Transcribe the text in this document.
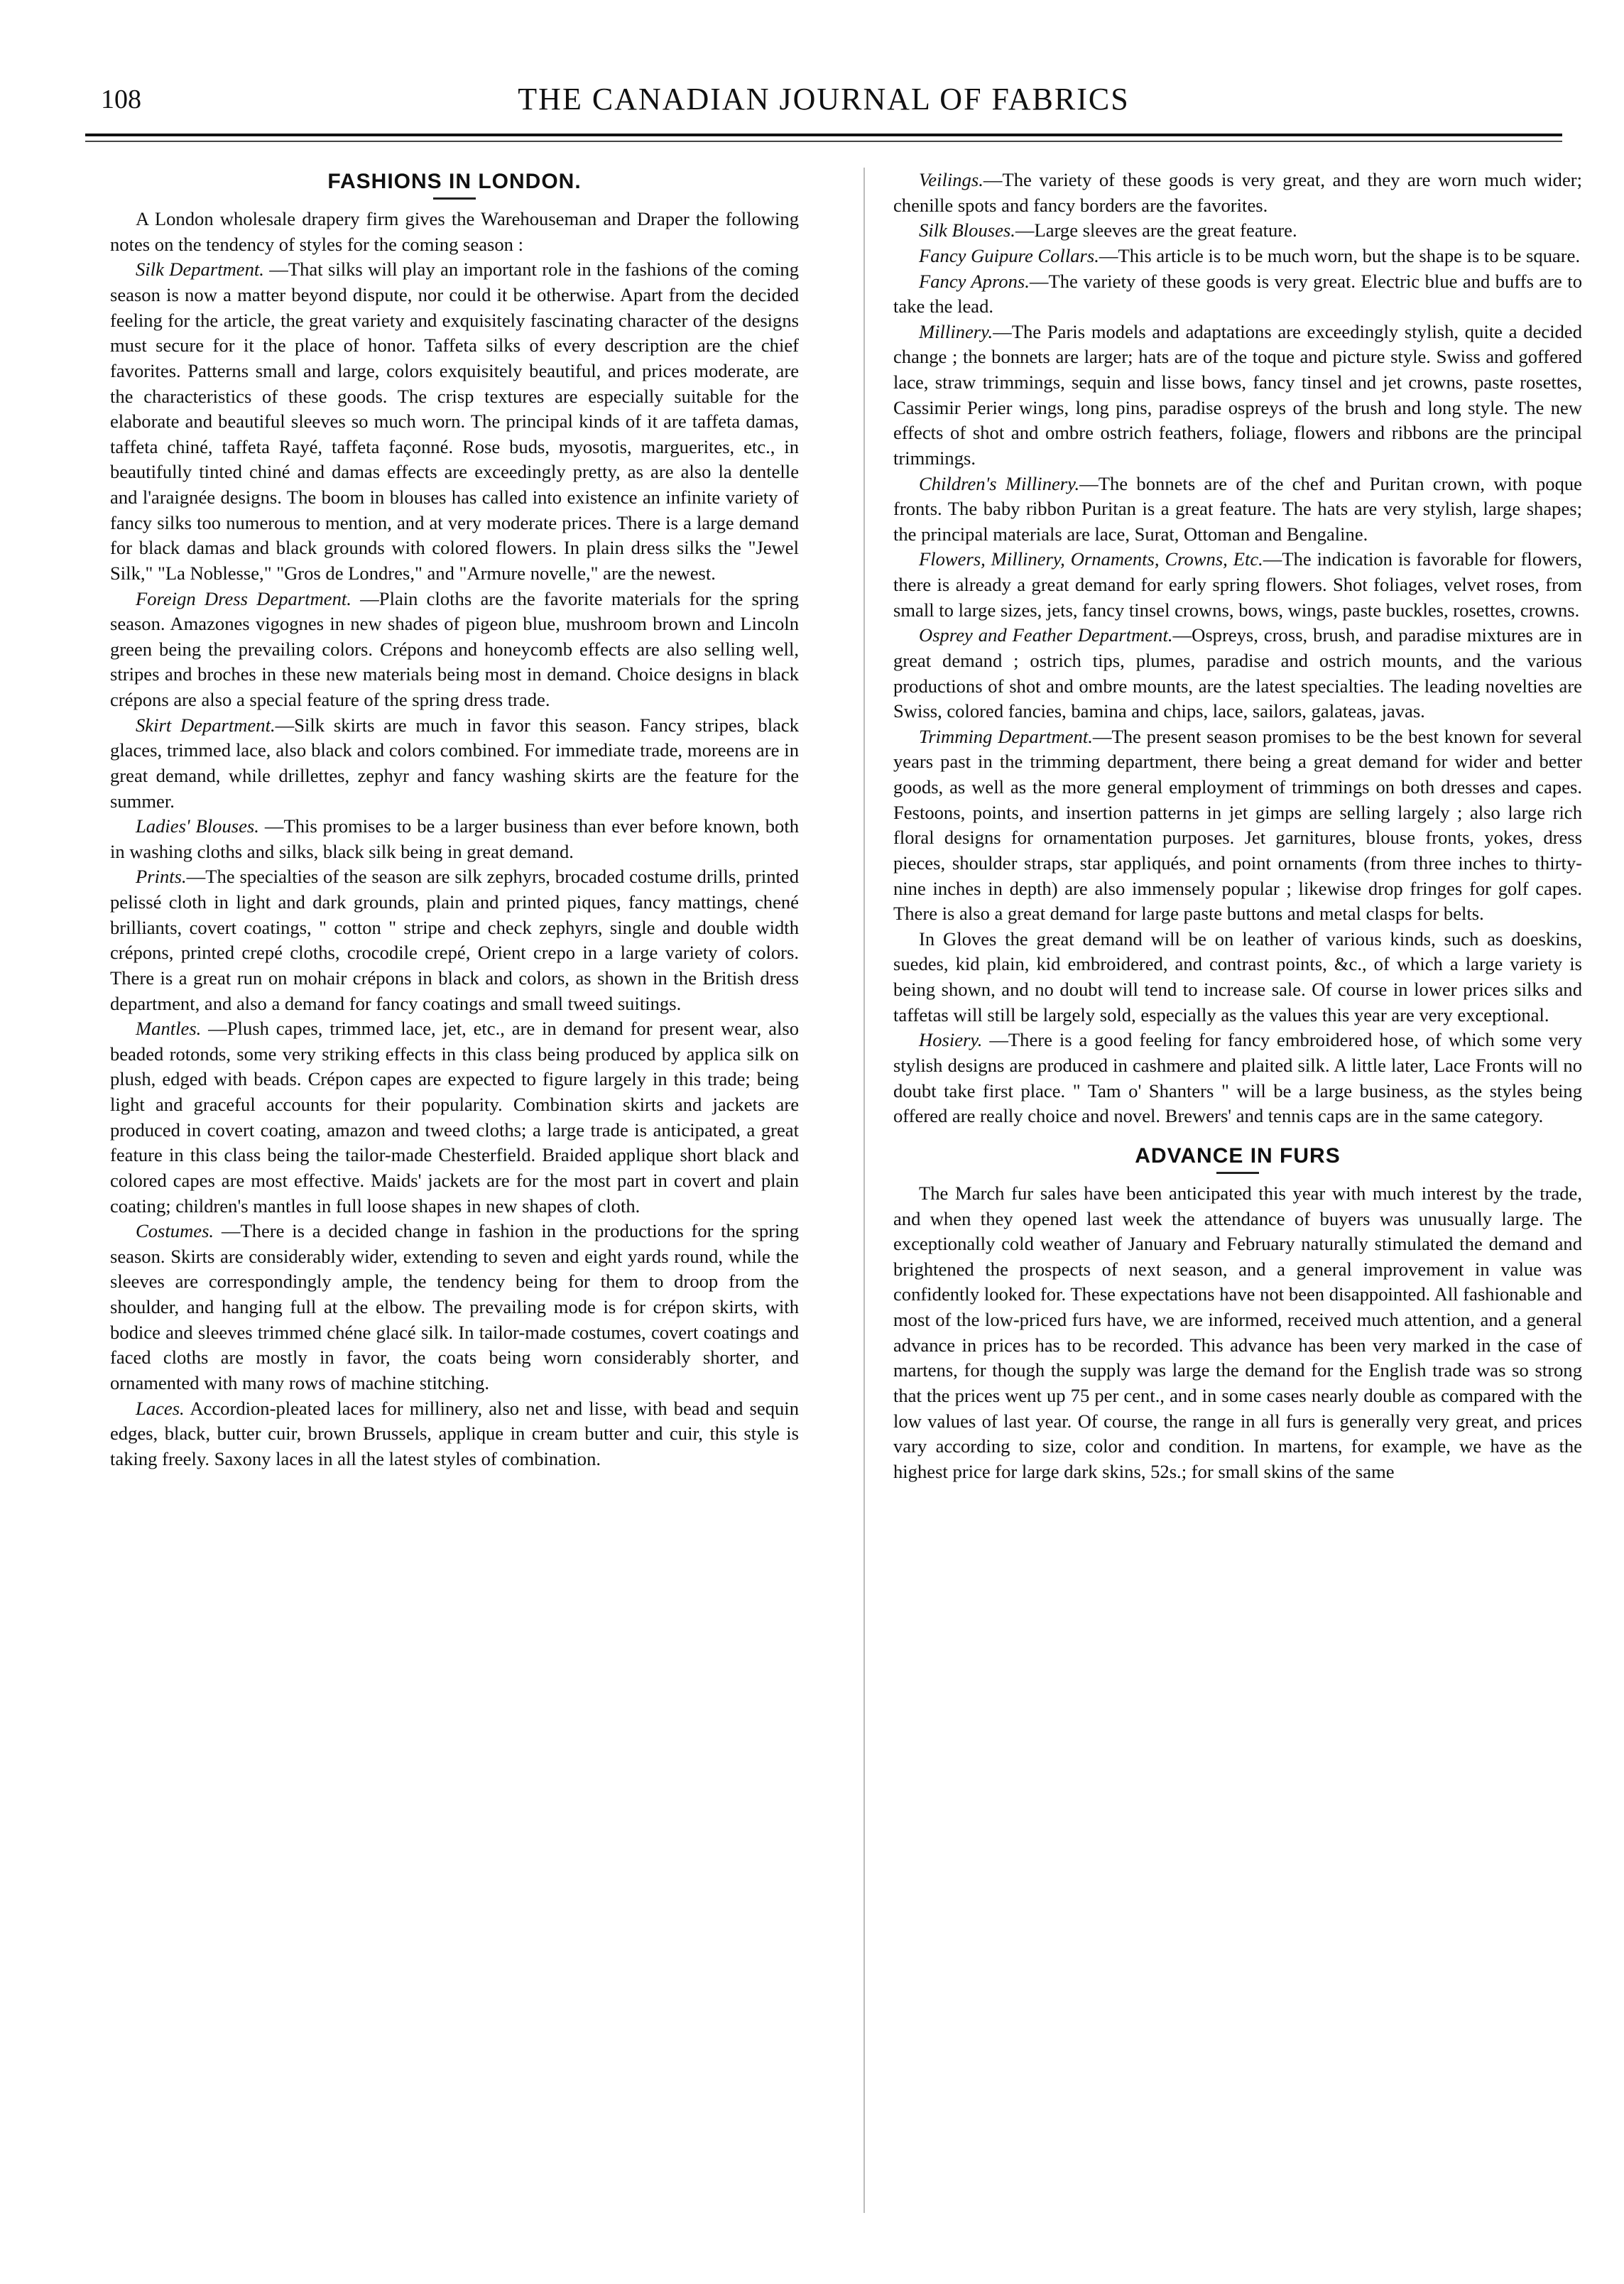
108	THE CANADIAN JOURNAL OF FABRICS
FASHIONS IN LONDON.

A London wholesale drapery firm gives the Warehouseman and Draper the following notes on the tendency of styles for the coming season :

Silk Department. —That silks will play an important role in the fashions of the coming season is now a matter beyond dispute, nor could it be otherwise. Apart from the decided feeling for the article, the great variety and exquisitely fascinating character of the designs must secure for it the place of honor. Taffeta silks of every description are the chief favorites. Patterns small and large, colors exquisitely beautiful, and prices moderate, are the characteristics of these goods. The crisp textures are especially suitable for the elaborate and beautiful sleeves so much worn. The principal kinds of it are taffeta damas, taffeta chiné, taffeta Rayé, taffeta façonné. Rose buds, myosotis, marguerites, etc., in beautifully tinted chiné and damas effects are exceedingly pretty, as are also la dentelle and l'araignée designs. The boom in blouses has called into existence an infinite variety of fancy silks too numerous to mention, and at very moderate prices. There is a large demand for black damas and black grounds with colored flowers. In plain dress silks the "Jewel Silk," "La Noblesse," "Gros de Londres," and "Armure novelle," are the newest.

Foreign Dress Department. —Plain cloths are the favorite materials for the spring season. Amazones vigognes in new shades of pigeon blue, mushroom brown and Lincoln green being the prevailing colors. Crépons and honeycomb effects are also selling well, stripes and broches in these new materials being most in demand. Choice designs in black crépons are also a special feature of the spring dress trade.

Skirt Department.—Silk skirts are much in favor this season. Fancy stripes, black glaces, trimmed lace, also black and colors combined. For immediate trade, moreens are in great demand, while drillettes, zephyr and fancy washing skirts are the feature for the summer.

Ladies' Blouses. —This promises to be a larger business than ever before known, both in washing cloths and silks, black silk being in great demand.

Prints.—The specialties of the season are silk zephyrs, brocaded costume drills, printed pelissé cloth in light and dark grounds, plain and printed piques, fancy mattings, chené brilliants, covert coatings, " cotton " stripe and check zephyrs, single and double width crépons, printed crepé cloths, crocodile crepé, Orient crepo in a large variety of colors. There is a great run on mohair crépons in black and colors, as shown in the British dress department, and also a demand for fancy coatings and small tweed suitings.

Mantles. —Plush capes, trimmed lace, jet, etc., are in demand for present wear, also beaded rotonds, some very striking effects in this class being produced by applica silk on plush, edged with beads. Crépon capes are expected to figure largely in this trade; being light and graceful accounts for their popularity. Combination skirts and jackets are produced in covert coating, amazon and tweed cloths; a large trade is anticipated, a great feature in this class being the tailor-made Chesterfield. Braided applique short black and colored capes are most effective. Maids' jackets are for the most part in covert and plain coating; children's mantles in full loose shapes in new shapes of cloth.

Costumes. —There is a decided change in fashion in the productions for the spring season. Skirts are considerably wider, extending to seven and eight yards round, while the sleeves are correspondingly ample, the tendency being for them to droop from the shoulder, and hanging full at the elbow. The prevailing mode is for crépon skirts, with bodice and sleeves trimmed chéne glacé silk. In tailor-made costumes, covert coatings and faced cloths are mostly in favor, the coats being worn considerably shorter, and ornamented with many rows of machine stitching.

Laces. Accordion-pleated laces for millinery, also net and lisse, with bead and sequin edges, black, butter cuir, brown Brussels, applique in cream butter and cuir, this style is taking freely. Saxony laces in all the latest styles of combination.

Veilings.—The variety of these goods is very great, and they are worn much wider; chenille spots and fancy borders are the favorites.

Silk Blouses.—Large sleeves are the great feature.

Fancy Guipure Collars.—This article is to be much worn, but the shape is to be square.

Fancy Aprons.—The variety of these goods is very great. Electric blue and buffs are to take the lead.

Millinery.—The Paris models and adaptations are exceedingly stylish, quite a decided change ; the bonnets are larger; hats are of the toque and picture style. Swiss and goffered lace, straw trimmings, sequin and lisse bows, fancy tinsel and jet crowns, paste rosettes, Cassimir Perier wings, long pins, paradise ospreys of the brush and long style. The new effects of shot and ombre ostrich feathers, foliage, flowers and ribbons are the principal trimmings.

Children's Millinery.—The bonnets are of the chef and Puritan crown, with poque fronts. The baby ribbon Puritan is a great feature. The hats are very stylish, large shapes; the principal materials are lace, Surat, Ottoman and Bengaline.

Flowers, Millinery, Ornaments, Crowns, Etc.—The indication is favorable for flowers, there is already a great demand for early spring flowers. Shot foliages, velvet roses, from small to large sizes, jets, fancy tinsel crowns, bows, wings, paste buckles, rosettes, crowns.

Osprey and Feather Department.—Ospreys, cross, brush, and paradise mixtures are in great demand ; ostrich tips, plumes, paradise and ostrich mounts, and the various productions of shot and ombre mounts, are the latest specialties. The leading novelties are Swiss, colored fancies, bamina and chips, lace, sailors, galateas, javas.

Trimming Department.—The present season promises to be the best known for several years past in the trimming department, there being a great demand for wider and better goods, as well as the more general employment of trimmings on both dresses and capes. Festoons, points, and insertion patterns in jet gimps are selling largely ; also large rich floral designs for ornamentation purposes. Jet garnitures, blouse fronts, yokes, dress pieces, shoulder straps, star appliqués, and point ornaments (from three inches to thirty-nine inches in depth) are also immensely popular ; likewise drop fringes for golf capes. There is also a great demand for large paste buttons and metal clasps for belts.

In Gloves the great demand will be on leather of various kinds, such as doeskins, suedes, kid plain, kid embroidered, and contrast points, &c., of which a large variety is being shown, and no doubt will tend to increase sale. Of course in lower prices silks and taffetas will still be largely sold, especially as the values this year are very exceptional.

Hosiery. —There is a good feeling for fancy embroidered hose, of which some very stylish designs are produced in cashmere and plaited silk. A little later, Lace Fronts will no doubt take first place. " Tam o' Shanters " will be a large business, as the styles being offered are really choice and novel. Brewers' and tennis caps are in the same category.

ADVANCE IN FURS

The March fur sales have been anticipated this year with much interest by the trade, and when they opened last week the attendance of buyers was unusually large. The exceptionally cold weather of January and February naturally stimulated the demand and brightened the prospects of next season, and a general improvement in value was confidently looked for. These expectations have not been disappointed. All fashionable and most of the low-priced furs have, we are informed, received much attention, and a general advance in prices has to be recorded. This advance has been very marked in the case of martens, for though the supply was large the demand for the English trade was so strong that the prices went up 75 per cent., and in some cases nearly double as compared with the low values of last year. Of course, the range in all furs is generally very great, and prices vary according to size, color and condition. In martens, for example, we have as the highest price for large dark skins, 52s.; for small skins of the same
